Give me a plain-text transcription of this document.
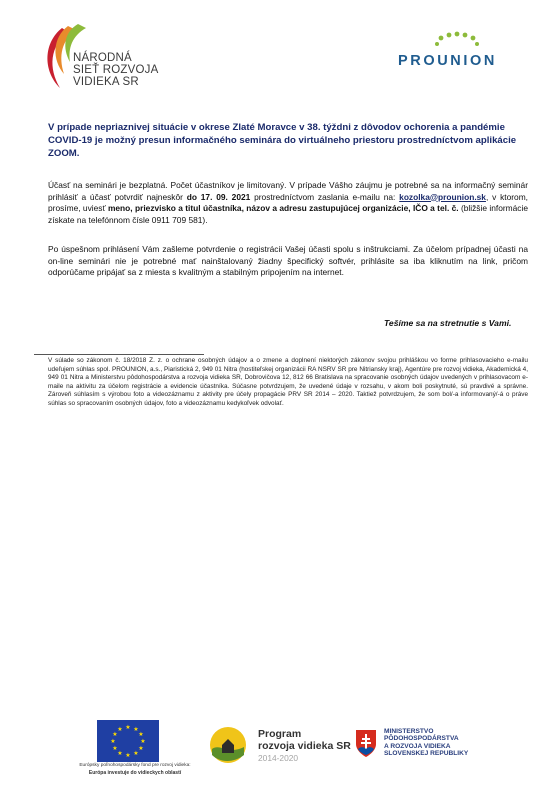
NÁRODNÁ
SIEŤ ROZVOJA
VIDIEKA SR
PROUNION
V prípade nepriaznivej situácie v okrese Zlaté Moravce v 38. týždni z dôvodov ochorenia a pandémie COVID-19 je možný presun informačného seminára do virtuálneho priestoru prostredníctvom aplikácie ZOOM.
Účasť na seminári je bezplatná. Počet účastníkov je limitovaný. V prípade Vášho záujmu je potrebné sa na informačný seminár prihlásiť a účasť potvrdiť najneskôr do 17. 09. 2021 prostredníctvom zaslania e-mailu na: kozolka@prounion.sk, v ktorom, prosíme, uviesť meno, priezvisko a titul účastníka, názov a adresu zastupujúcej organizácie, IČO a tel. č. (bližšie informácie získate na telefónnom čísle 0911 709 581).
Po úspešnom prihlásení Vám zašleme potvrdenie o registrácii Vašej účasti spolu s inštrukciami. Za účelom prípadnej účasti na on-line seminári nie je potrebné mať nainštalovaný žiadny špecifický softvér, prihlásite sa iba kliknutím na link, pričom odporúčame pripájať sa z miesta s kvalitným a stabilným pripojením na internet.
Tešíme sa na stretnutie s Vami.
V súlade so zákonom č. 18/2018 Z. z. o ochrane osobných údajov a o zmene a doplnení niektorých zákonov svojou prihláškou vo forme prihlasovacieho e-mailu udeľujem súhlas spol. PROUNION, a.s., Piaristická 2, 949 01 Nitra (hostiteľskej organizácii RA NSRV SR pre Nitriansky kraj), Agentúre pre rozvoj vidieka, Akademická 4, 949 01 Nitra a Ministerstvu pôdohospodárstva a rozvoja vidieka SR, Dobrovičova 12, 812 66 Bratislava na spracovanie osobných údajov uvedených v prihlasovacom e-maile na aktivitu za účelom registrácie a evidencie účastníka. Súčasne potvrdzujem, že uvedené údaje v rozsahu, v akom boli poskytnuté, sú pravdivé a správne. Zároveň súhlasím s výrobou foto a videozáznamu z aktivity pre účely propagácie PRV SR 2014 – 2020. Taktiež potvrdzujem, že som bol/-a informovaný/-á o práve súhlas so spracovaním osobných údajov, foto a videozáznamu kedykoľvek odvolať.
★ ★
★
★
★
★
★
★
★
★
★
★
Európsky poľnohospodársky fond pre rozvoj vidieka:
Európa investuje do vidieckych oblastí
Program
rozvoja vidieka SR
2014-2020
MINISTERSTVO
PÔDOHOSPODÁRSTVA
A ROZVOJA VIDIEKA
SLOVENSKEJ REPUBLIKY
